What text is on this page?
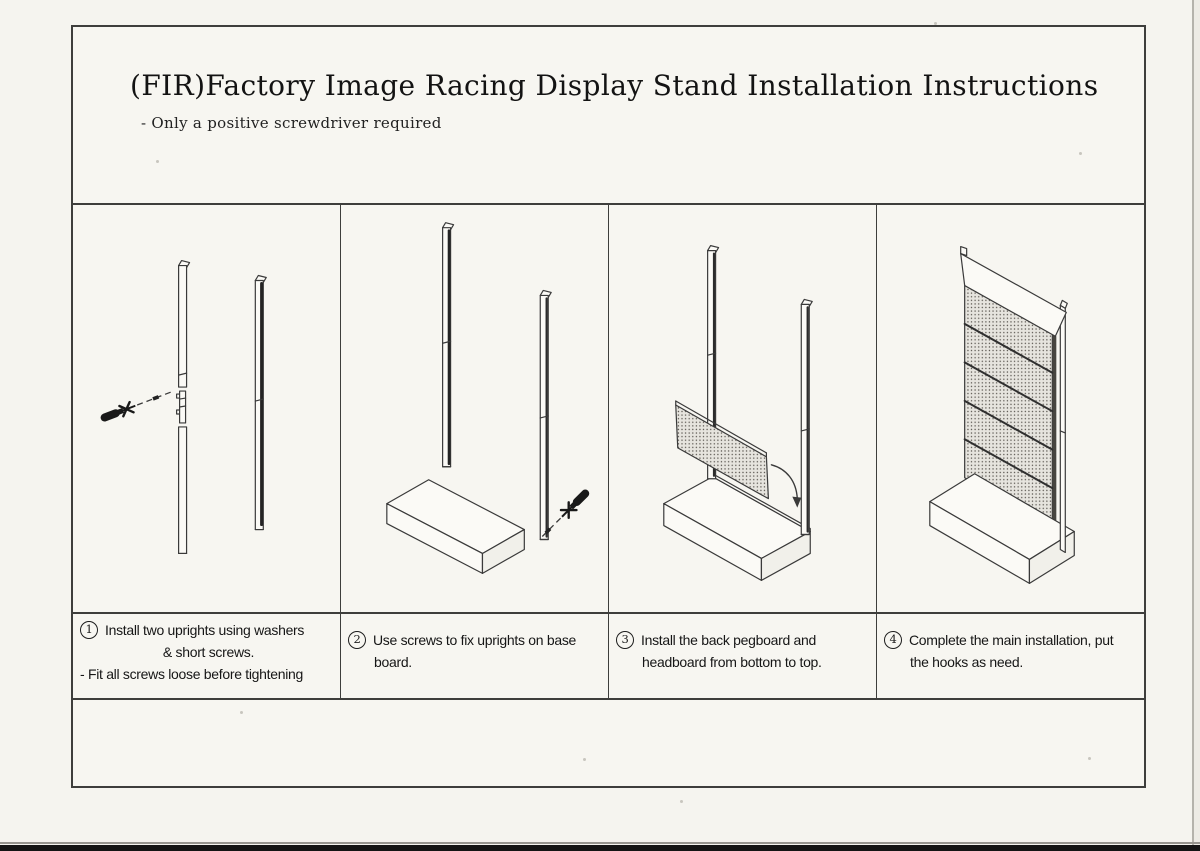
(FIR)Factory Image Racing Display Stand Installation Instructions
- Only a positive screwdriver required
1 Install two uprights using washers
& short screws.
- Fit all screws loose before tightening
2 Use screws to fix uprights on base
board.
3 Install the back pegboard and
headboard from bottom to top.
4 Complete the main installation, put
the hooks as need.
